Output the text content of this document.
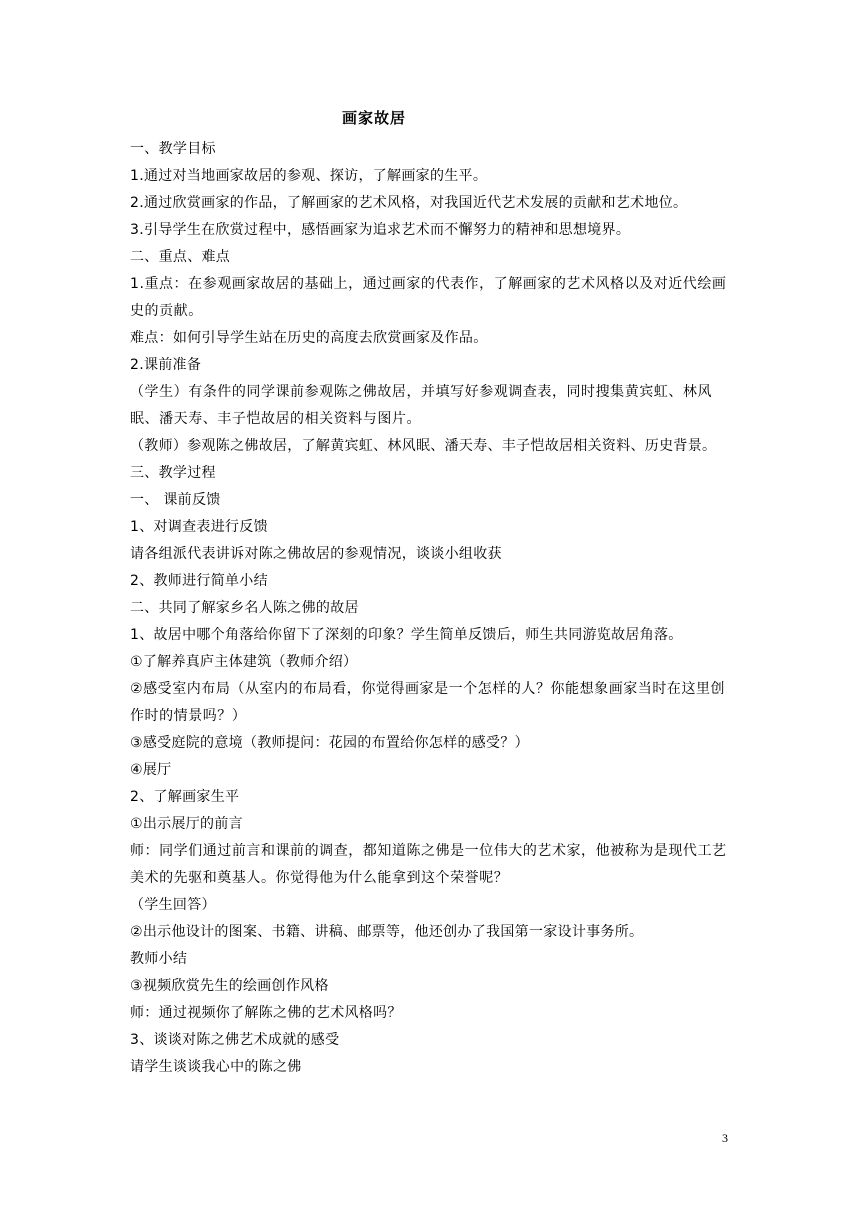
画家故居

一、教学目标

1.通过对当地画家故居的参观、探访，了解画家的生平。

2.通过欣赏画家的作品，了解画家的艺术风格，对我国近代艺术发展的贡献和艺术地位。

3.引导学生在欣赏过程中，感悟画家为追求艺术而不懈努力的精神和思想境界。

二、重点、难点

1.重点：在参观画家故居的基础上，通过画家的代表作，了解画家的艺术风格以及对近代绘画史的贡献。

难点：如何引导学生站在历史的高度去欣赏画家及作品。

2.课前准备

（学生）有条件的同学课前参观陈之佛故居，并填写好参观调查表，同时搜集黄宾虹、林风眠、潘天寿、丰子恺故居的相关资料与图片。

（教师）参观陈之佛故居，了解黄宾虹、林风眠、潘天寿、丰子恺故居相关资料、历史背景。

三、教学过程

一、 课前反馈

1、对调查表进行反馈

请各组派代表讲诉对陈之佛故居的参观情况，谈谈小组收获

2、教师进行简单小结

二、共同了解家乡名人陈之佛的故居

1、故居中哪个角落给你留下了深刻的印象？学生简单反馈后，师生共同游览故居角落。

①了解养真庐主体建筑（教师介绍）

②感受室内布局（从室内的布局看，你觉得画家是一个怎样的人？你能想象画家当时在这里创作时的情景吗？）

③感受庭院的意境（教师提问：花园的布置给你怎样的感受？）

④展厅

2、了解画家生平

①出示展厅的前言

师：同学们通过前言和课前的调查，都知道陈之佛是一位伟大的艺术家，他被称为是现代工艺美术的先驱和奠基人。你觉得他为什么能拿到这个荣誉呢？

（学生回答）

②出示他设计的图案、书籍、讲稿、邮票等，他还创办了我国第一家设计事务所。

教师小结

③视频欣赏先生的绘画创作风格

师：通过视频你了解陈之佛的艺术风格吗？

3、谈谈对陈之佛艺术成就的感受

请学生谈谈我心中的陈之佛

3
